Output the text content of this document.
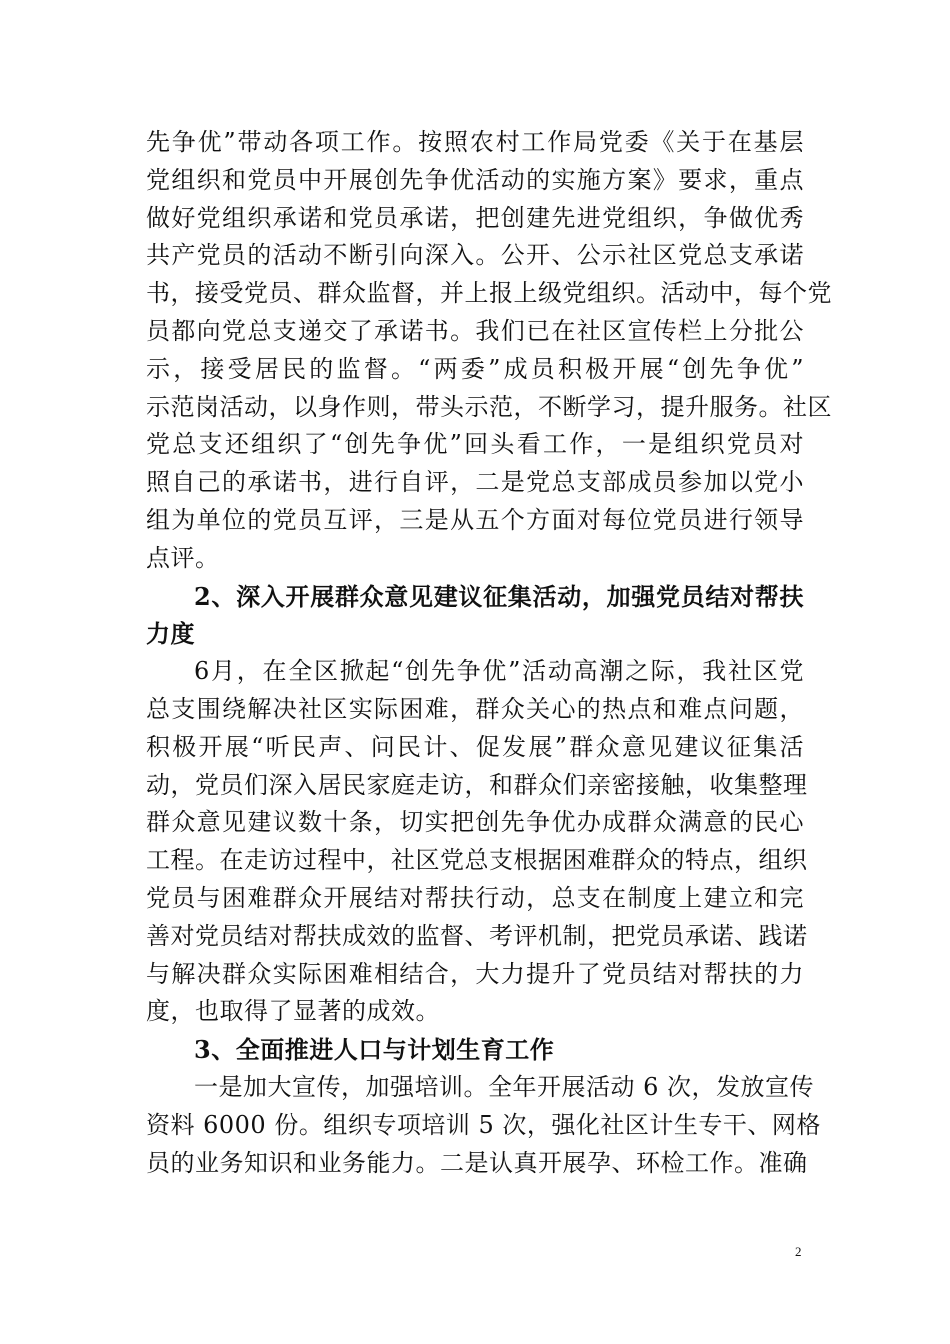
先争优”带动各项工作。按照农村工作局党委《关于在基层
党组织和党员中开展创先争优活动的实施方案》要求，重点
做好党组织承诺和党员承诺，把创建先进党组织，争做优秀
共产党员的活动不断引向深入。公开、公示社区党总支承诺
书，接受党员、群众监督，并上报上级党组织。活动中，每个党
员都向党总支递交了承诺书。我们已在社区宣传栏上分批公
示，接受居民的监督。“两委”成员积极开展“创先争优”
示范岗活动，以身作则，带头示范，不断学习，提升服务。社区
党总支还组织了“创先争优”回头看工作，一是组织党员对
照自己的承诺书，进行自评，二是党总支部成员参加以党小
组为单位的党员互评，三是从五个方面对每位党员进行领导
点评。
2、深入开展群众意见建议征集活动，加强党员结对帮扶
力度
6月，在全区掀起“创先争优”活动高潮之际，我社区党
总支围绕解决社区实际困难，群众关心的热点和难点问题，
积极开展“听民声、问民计、促发展”群众意见建议征集活
动，党员们深入居民家庭走访，和群众们亲密接触，收集整理
群众意见建议数十条，切实把创先争优办成群众满意的民心
工程。在走访过程中，社区党总支根据困难群众的特点，组织
党员与困难群众开展结对帮扶行动，总支在制度上建立和完
善对党员结对帮扶成效的监督、考评机制，把党员承诺、践诺
与解决群众实际困难相结合，大力提升了党员结对帮扶的力
度，也取得了显著的成效。
3、全面推进人口与计划生育工作
一是加大宣传，加强培训。全年开展活动 6 次，发放宣传
资料 6000 份。组织专项培训 5 次，强化社区计生专干、网格
员的业务知识和业务能力。二是认真开展孕、环检工作。准确
2
